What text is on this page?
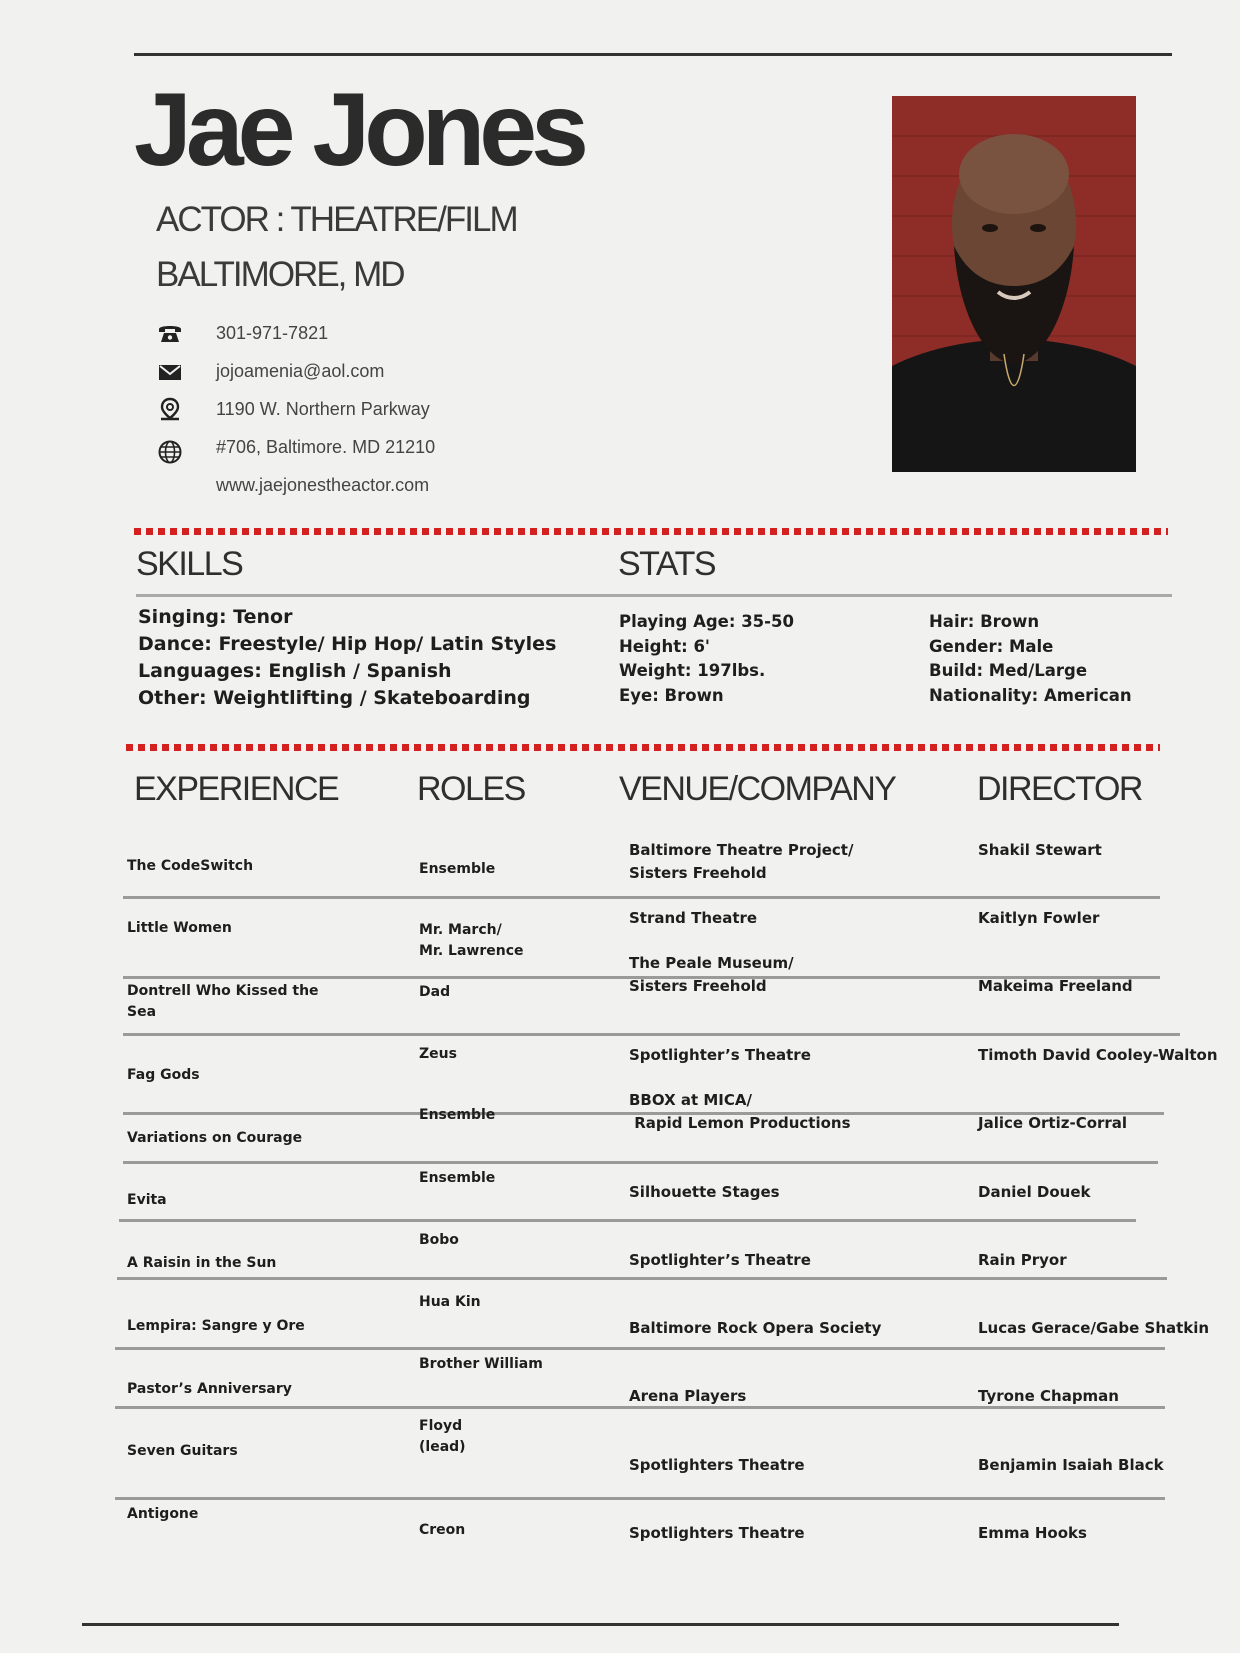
Jae Jones
ACTOR : THEATRE/FILM
BALTIMORE, MD
301-971-7821
jojoamenia@aol.com
1190 W. Northern Parkway
#706, Baltimore. MD 21210
www.jaejonestheactor.com
SKILLS	STATS
Singing: Tenor
Dance: Freestyle/ Hip Hop/ Latin Styles
Languages: English / Spanish
Other: Weightlifting / Skateboarding
Playing Age: 35-50
Height: 6'
Weight: 197lbs.
Eye: Brown
Hair: Brown
Gender: Male
Build: Med/Large
Nationality: American
EXPERIENCE ROLES	VENUE/COMPANY DIRECTOR
The CodeSwitch
Little Women
Dontrell Who Kissed the
Sea
Fag Gods
Variations on Courage
Evita
A Raisin in the Sun
Lempira: Sangre y Ore
Pastor’s Anniversary
Seven Guitars
Antigone
Ensemble
Mr. March/
Mr. Lawrence
Dad
Zeus
Ensemble
Ensemble
Bobo
Hua Kin
Brother William
Floyd
(lead)
Creon
Baltimore Theatre Project/
Sisters Freehold
Strand Theatre
The Peale Museum/
Sisters Freehold
Spotlighter’s Theatre
BBOX at MICA/
Rapid Lemon Productions
Silhouette Stages
Spotlighter’s Theatre
Baltimore Rock Opera Society
Arena Players
Spotlighters Theatre
Spotlighters Theatre
Shakil Stewart
Kaitlyn Fowler
Makeima Freeland
Timoth David Cooley-Walton
Jalice Ortiz-Corral
Daniel Douek
Rain Pryor
Lucas Gerace/Gabe Shatkin
Tyrone Chapman
Benjamin Isaiah Black
Emma Hooks
